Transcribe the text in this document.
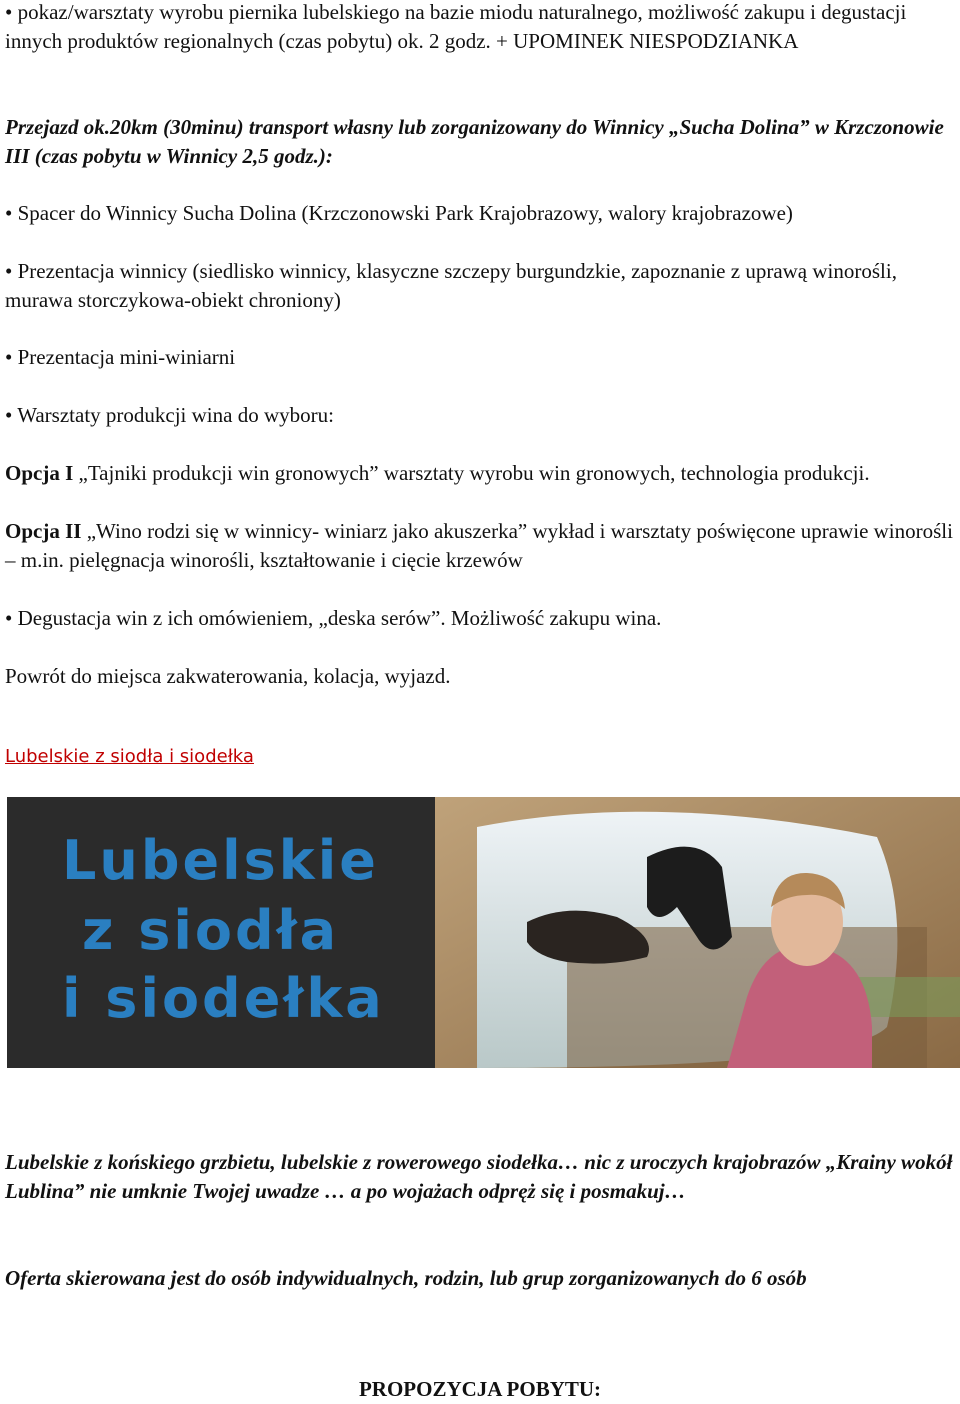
• pokaz/warsztaty wyrobu piernika lubelskiego na bazie miodu naturalnego, możliwość zakupu i degustacji innych produktów regionalnych (czas pobytu) ok. 2 godz. + UPOMINEK NIESPODZIANKA

Przejazd ok.20km (30minu) transport własny lub zorganizowany do Winnicy „Sucha Dolina” w Krzczonowie III (czas pobytu w Winnicy 2,5 godz.):

• Spacer do Winnicy Sucha Dolina (Krzczonowski Park Krajobrazowy, walory krajobrazowe)

• Prezentacja winnicy (siedlisko winnicy, klasyczne szczepy burgundzkie, zapoznanie z uprawą winorośli, murawa storczykowa-obiekt chroniony)

• Prezentacja mini-winiarni

• Warsztaty produkcji wina do wyboru:

Opcja I „Tajniki produkcji win gronowych” warsztaty wyrobu win gronowych, technologia produkcji.

Opcja II „Wino rodzi się w winnicy- winiarz jako akuszerka” wykład i warsztaty poświęcone uprawie winorośli – m.in. pielęgnacja winorośli, kształtowanie i cięcie krzewów

• Degustacja win z ich omówieniem, „deska serów”. Możliwość zakupu wina.

Powrót do miejsca zakwaterowania, kolacja, wyjazd.

Lubelskie z siodła i siodełka

Lubelskie
z siodła
i siodełka

Lubelskie z końskiego grzbietu, lubelskie z rowerowego siodełka… nic z uroczych krajobrazów „Krainy wokół Lublina” nie umknie Twojej uwadze … a po wojażach odpręż się i posmakuj…

Oferta skierowana jest do osób indywidualnych, rodzin, lub grup zorganizowanych do 6 osób

PROPOZYCJA POBYTU:
